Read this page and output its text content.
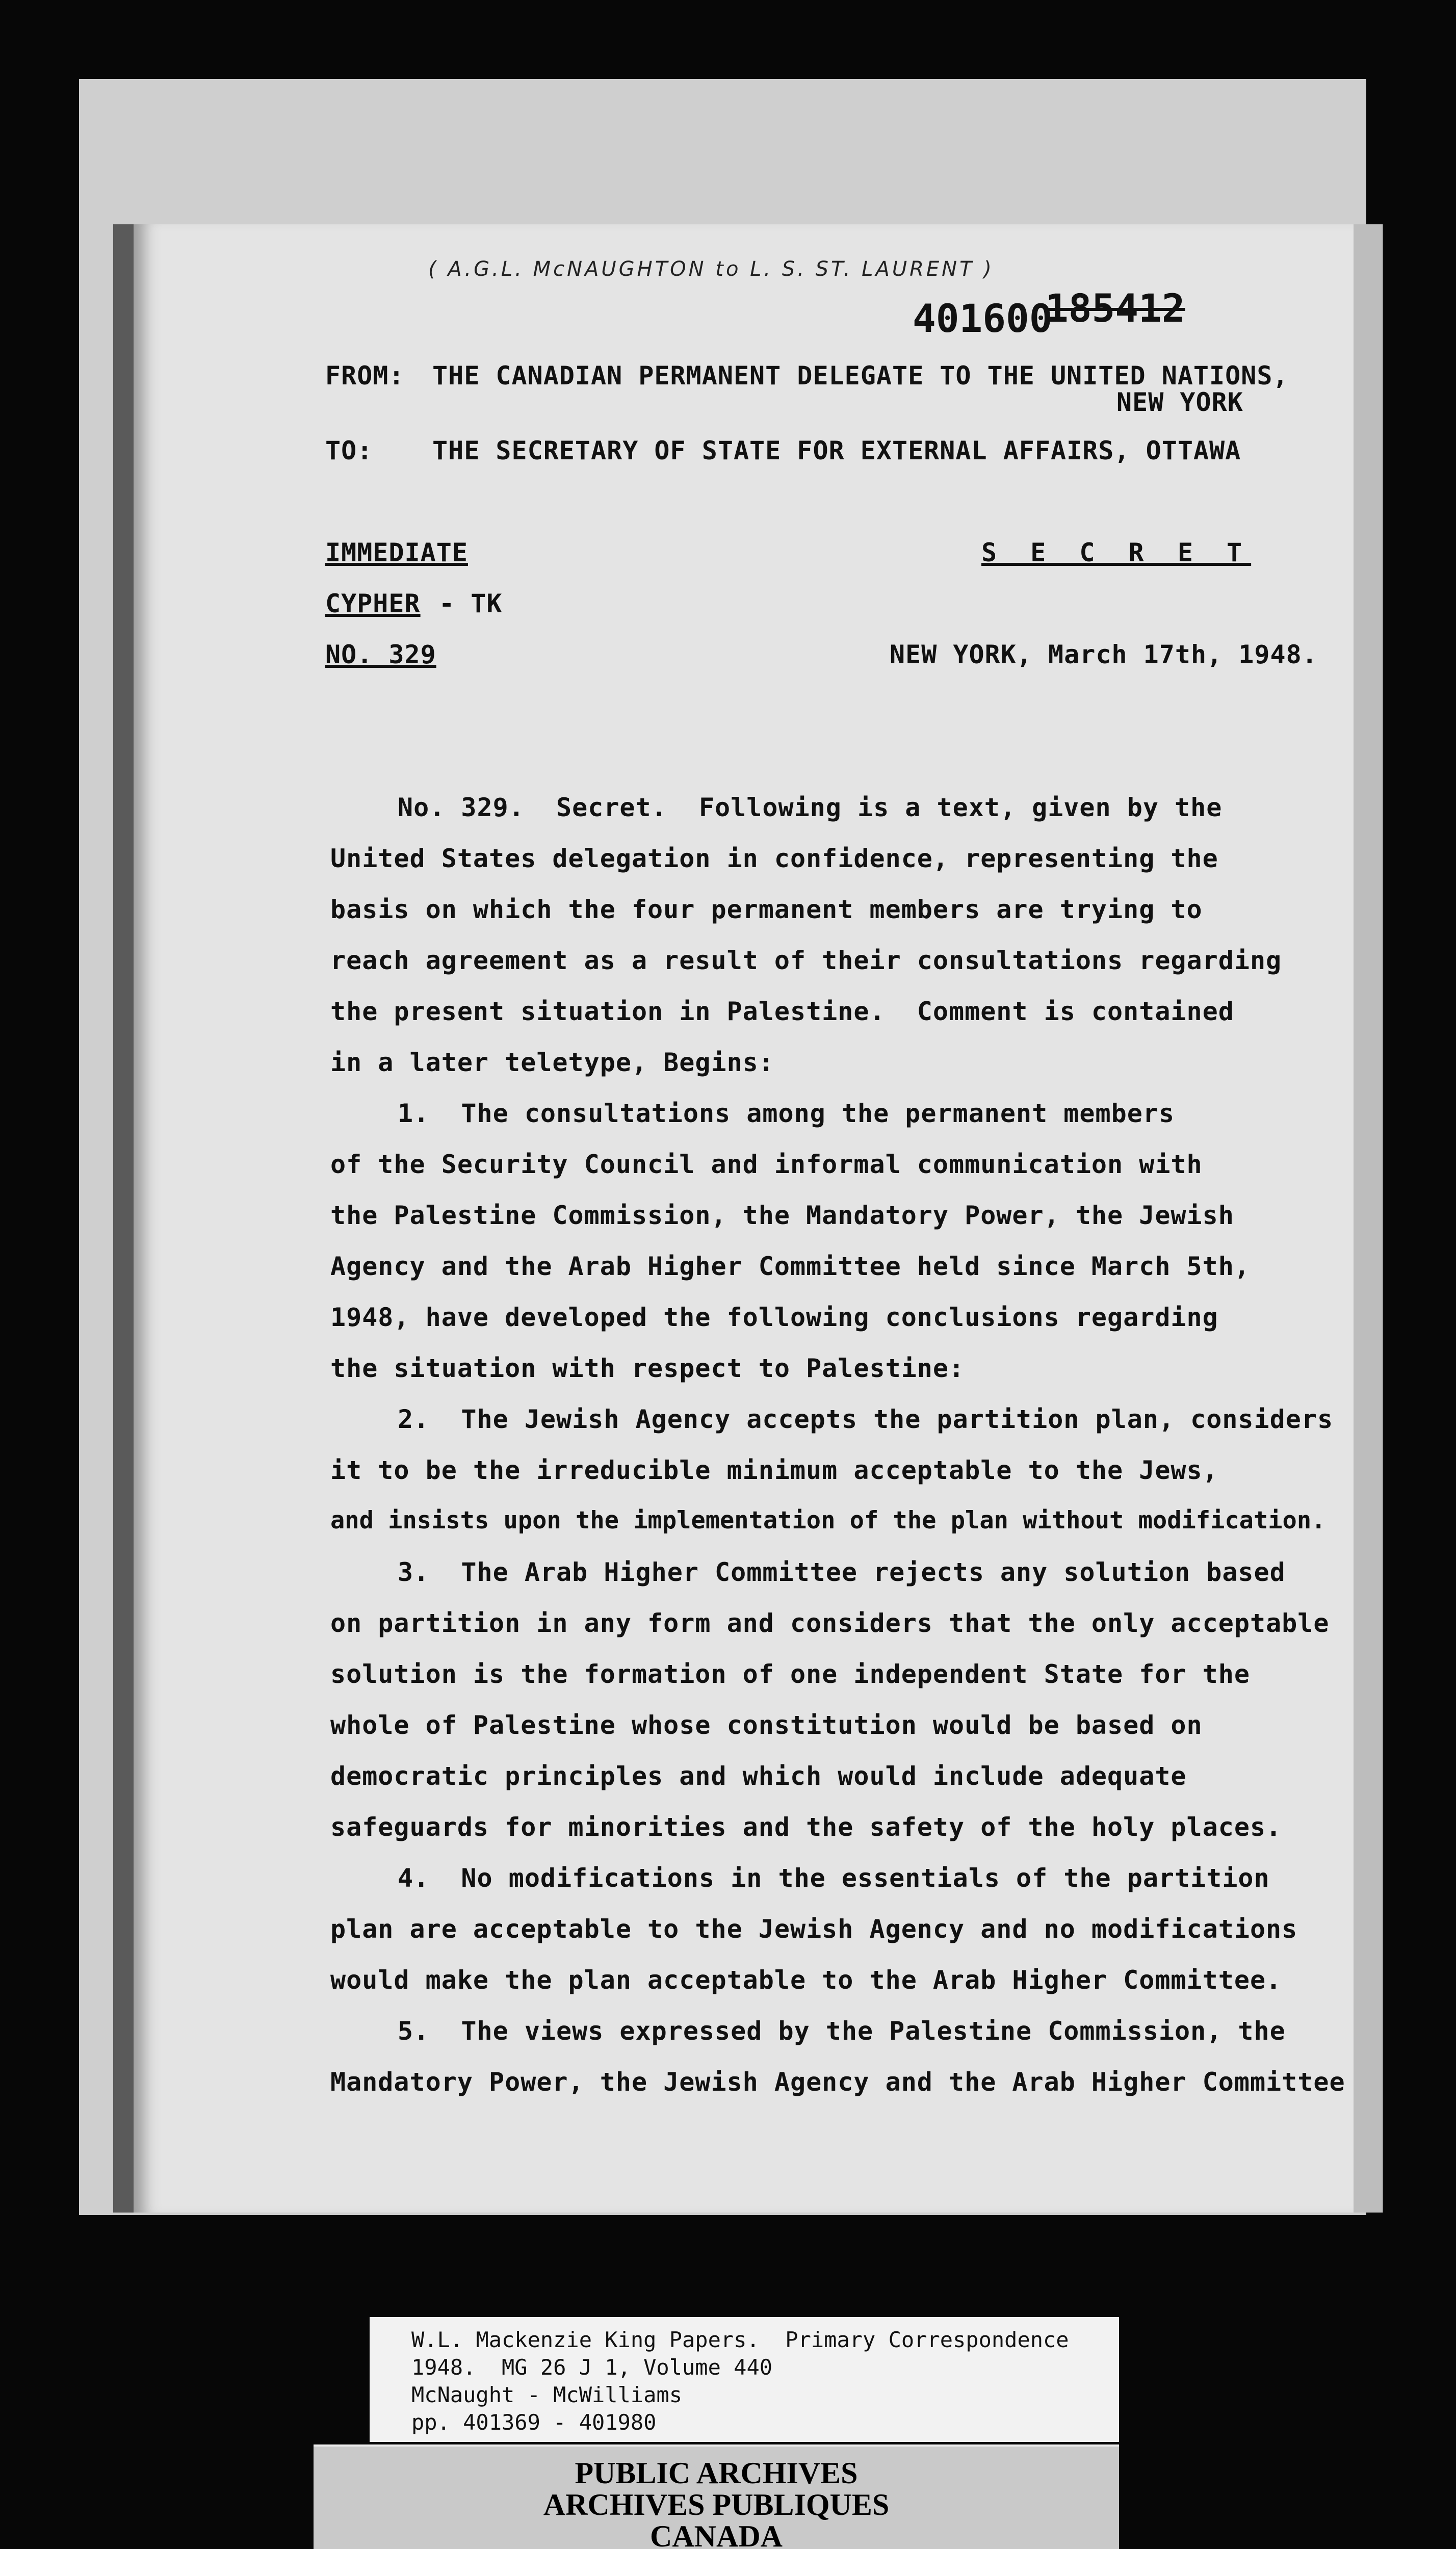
( A.G.L. McNAUGHTON to L. S. ST. LAURENT )
401600
185412
FROM: THE CANADIAN PERMANENT DELEGATE TO THE UNITED NATIONS,
NEW YORK
TO: THE SECRETARY OF STATE FOR EXTERNAL AFFAIRS, OTTAWA
IMMEDIATE	S E C R E T
CYPHER - TK
NO. 329	NEW YORK, March 17th, 1948.
No. 329.  Secret.  Following is a text, given by the
United States delegation in confidence, representing the
basis on which the four permanent members are trying to
reach agreement as a result of their consultations regarding
the present situation in Palestine.  Comment is contained
in a later teletype, Begins:
1.  The consultations among the permanent members
of the Security Council and informal communication with
the Palestine Commission, the Mandatory Power, the Jewish
Agency and the Arab Higher Committee held since March 5th,
1948, have developed the following conclusions regarding
the situation with respect to Palestine:
2.  The Jewish Agency accepts the partition plan, considers
it to be the irreducible minimum acceptable to the Jews,
and insists upon the implementation of the plan without modification.
3.  The Arab Higher Committee rejects any solution based
on partition in any form and considers that the only acceptable
solution is the formation of one independent State for the
whole of Palestine whose constitution would be based on
democratic principles and which would include adequate
safeguards for minorities and the safety of the holy places.
4.  No modifications in the essentials of the partition
plan are acceptable to the Jewish Agency and no modifications
would make the plan acceptable to the Arab Higher Committee.
5.  The views expressed by the Palestine Commission, the
Mandatory Power, the Jewish Agency and the Arab Higher Committee
W.L. Mackenzie King Papers.  Primary Correspondence
1948.  MG 26 J 1, Volume 440
McNaught - McWilliams
pp. 401369 - 401980
PUBLIC ARCHIVES
ARCHIVES PUBLIQUES
CANADA
